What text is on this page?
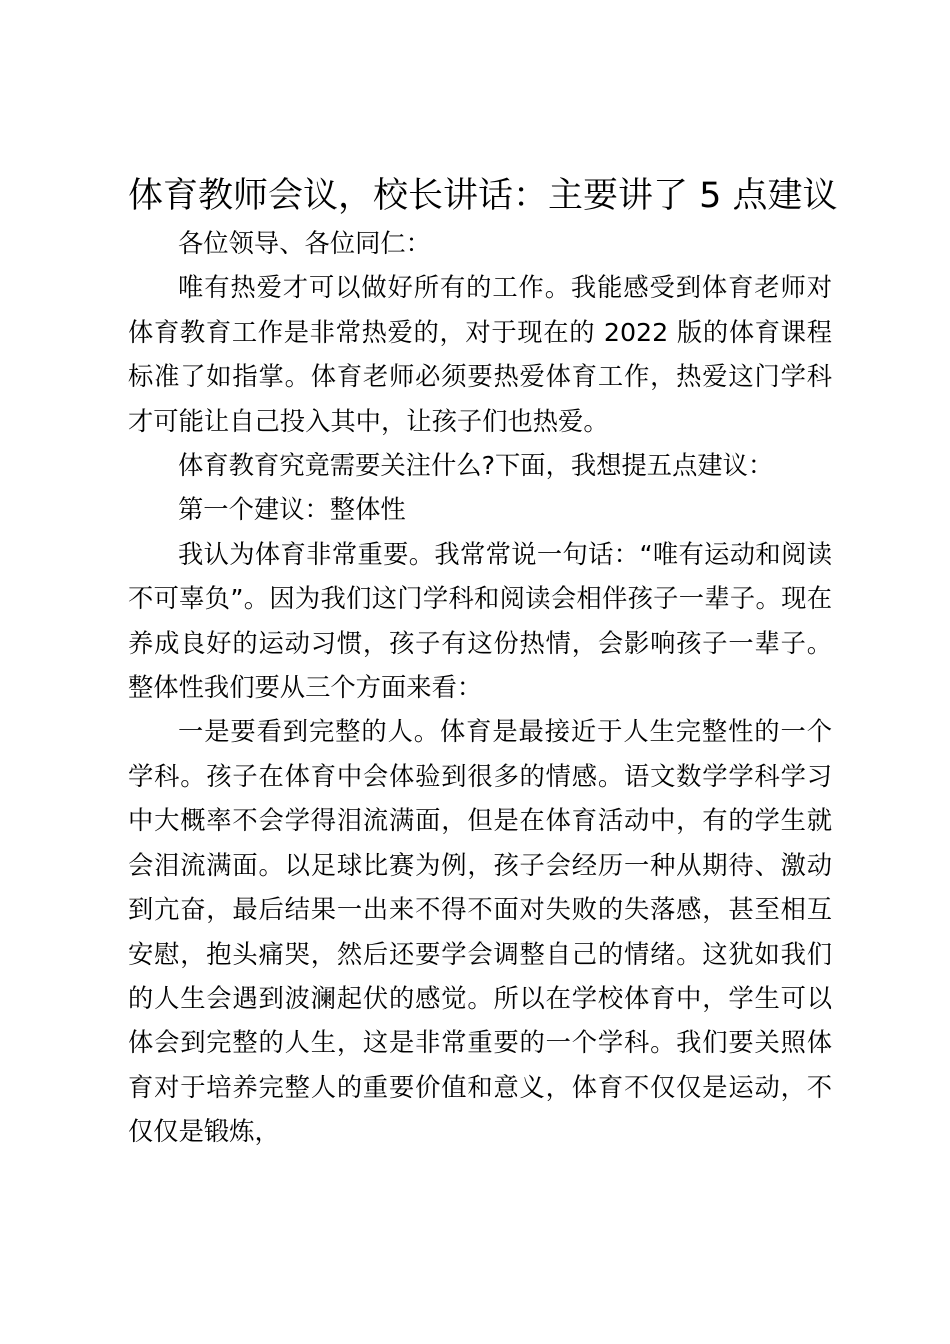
体育教师会议，校长讲话：主要讲了 5 点建议

各位领导、各位同仁：

唯有热爱才可以做好所有的工作。我能感受到体育老师对体育教育工作是非常热爱的，对于现在的 2022 版的体育课程标准了如指掌。体育老师必须要热爱体育工作，热爱这门学科才可能让自己投入其中，让孩子们也热爱。

体育教育究竟需要关注什么?下面，我想提五点建议：

第一个建议：整体性

我认为体育非常重要。我常常说一句话：“唯有运动和阅读不可辜负”。因为我们这门学科和阅读会相伴孩子一辈子。现在养成良好的运动习惯，孩子有这份热情，会影响孩子一辈子。整体性我们要从三个方面来看：

一是要看到完整的人。体育是最接近于人生完整性的一个学科。孩子在体育中会体验到很多的情感。语文数学学科学习中大概率不会学得泪流满面，但是在体育活动中，有的学生就会泪流满面。以足球比赛为例，孩子会经历一种从期待、激动到亢奋，最后结果一出来不得不面对失败的失落感，甚至相互安慰，抱头痛哭，然后还要学会调整自己的情绪。这犹如我们的人生会遇到波澜起伏的感觉。所以在学校体育中，学生可以体会到完整的人生，这是非常重要的一个学科。我们要关照体育对于培养完整人的重要价值和意义，体育不仅仅是运动，不仅仅是锻炼，
